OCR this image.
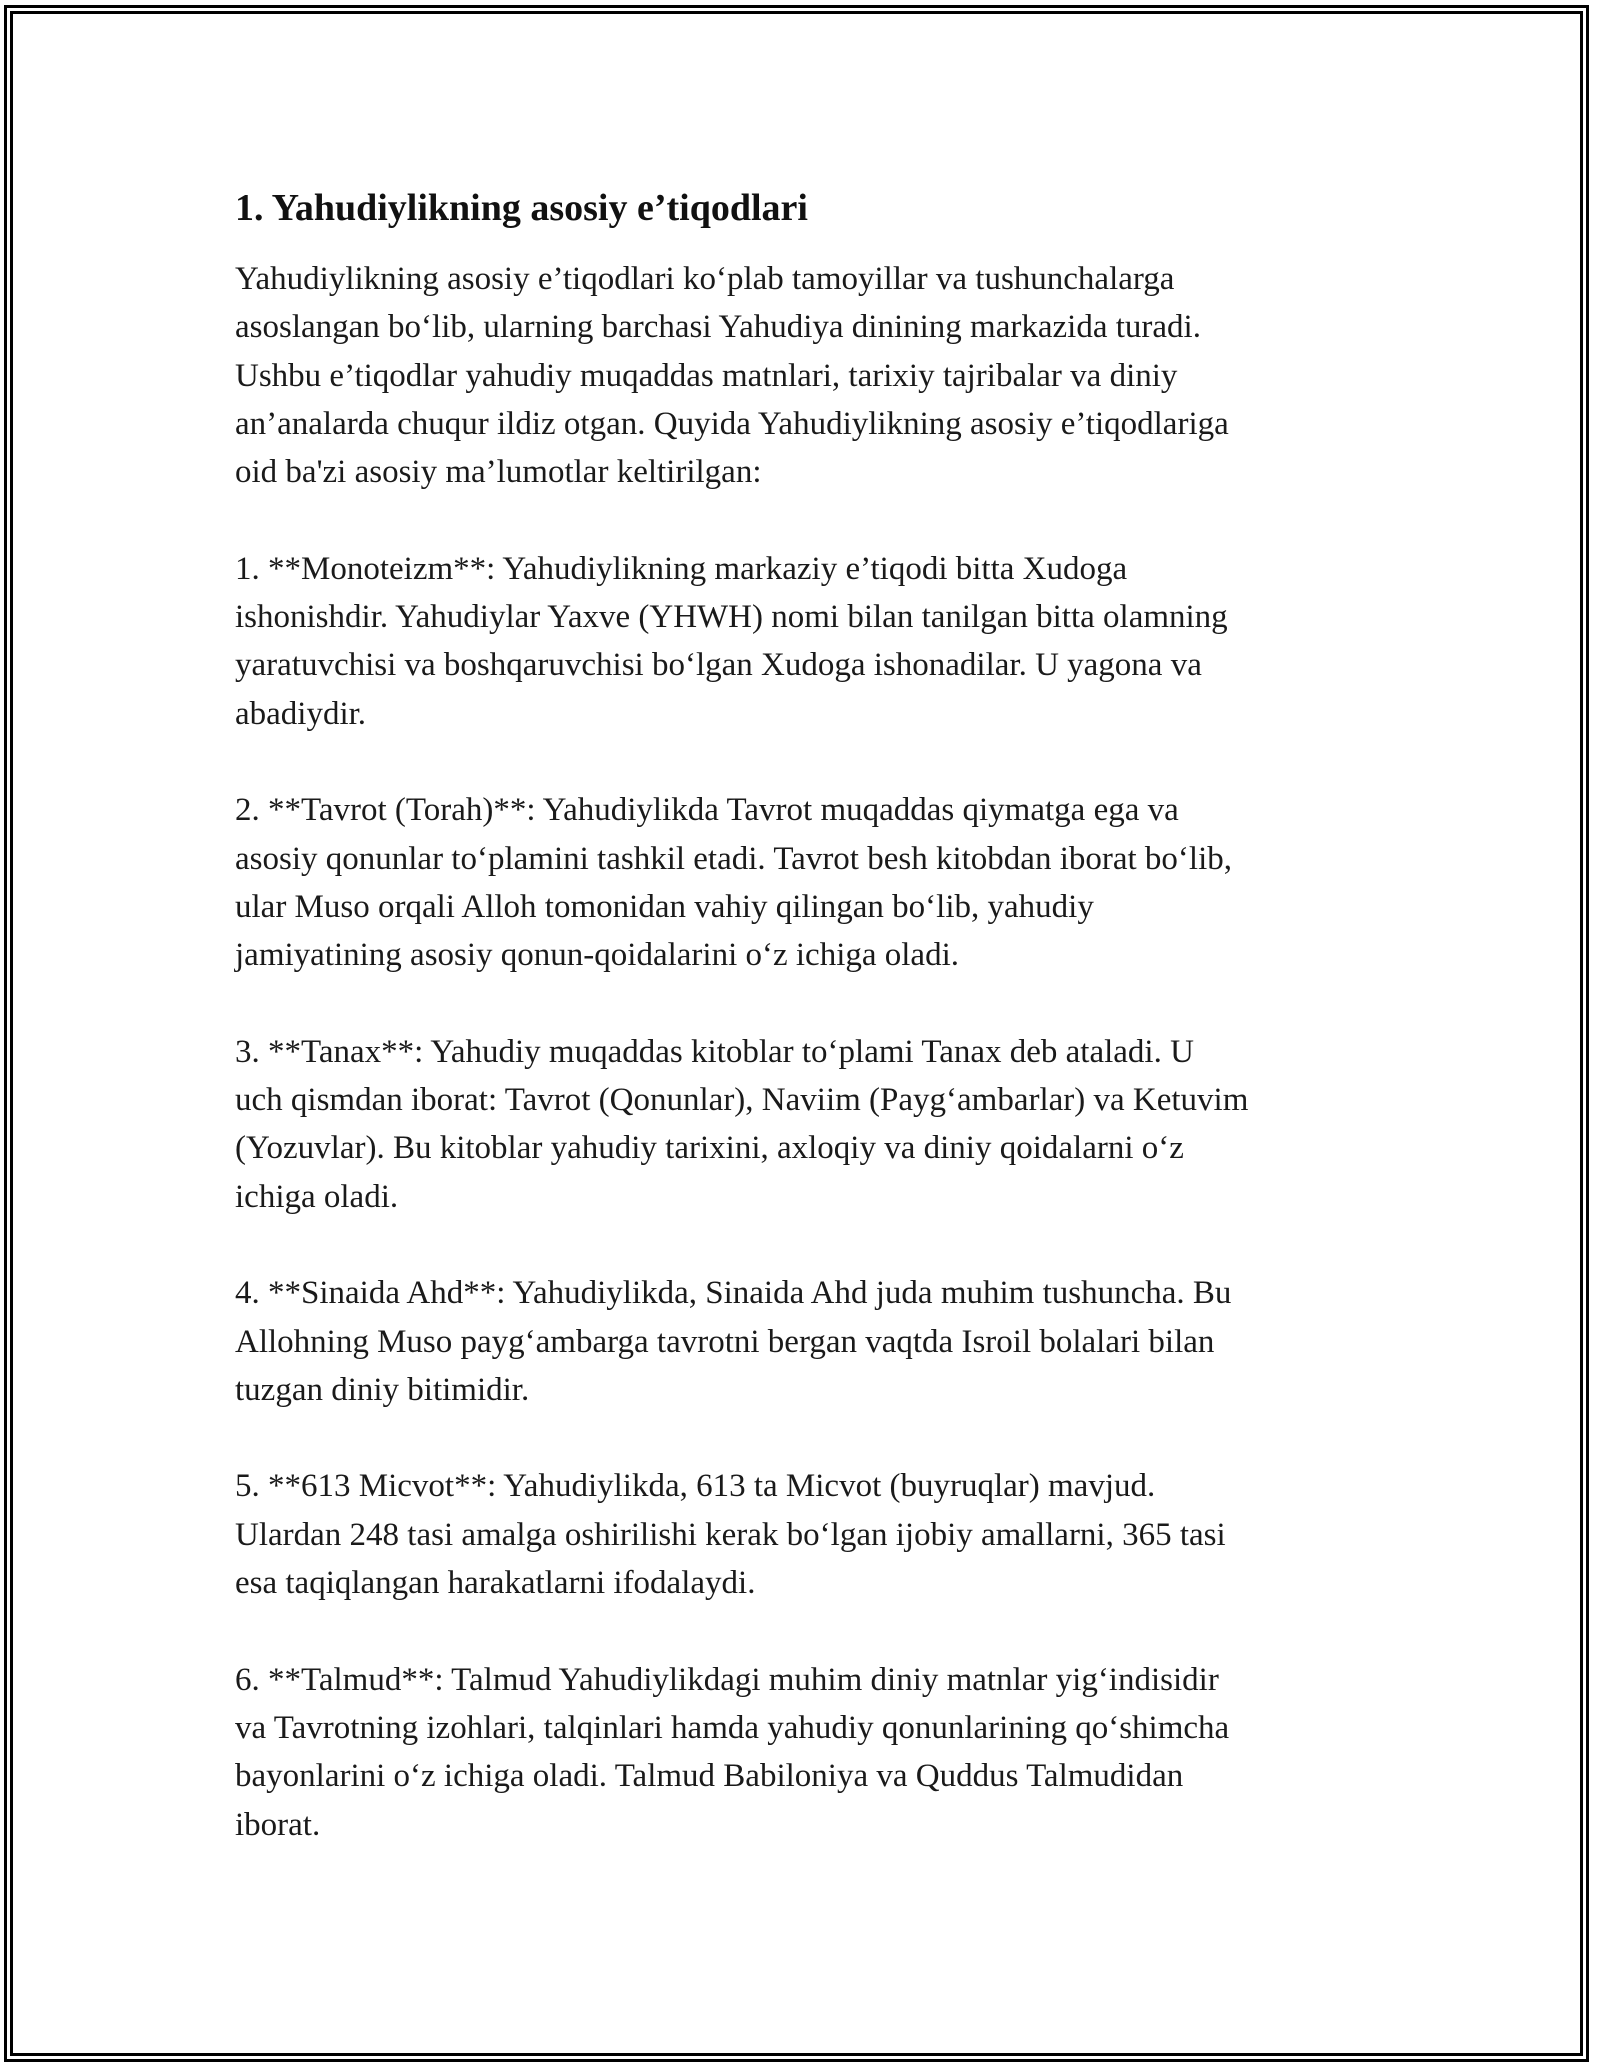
1. Yahudiylikning asosiy e’tiqodlari
Yahudiylikning asosiy e’tiqodlari ko‘plab tamoyillar va tushunchalarga
asoslangan bo‘lib, ularning barchasi Yahudiya dinining markazida turadi.
Ushbu e’tiqodlar yahudiy muqaddas matnlari, tarixiy tajribalar va diniy
an’analarda chuqur ildiz otgan. Quyida Yahudiylikning asosiy e’tiqodlariga
oid ba'zi asosiy ma’lumotlar keltirilgan:
1. **Monoteizm**: Yahudiylikning markaziy e’tiqodi bitta Xudoga
ishonishdir. Yahudiylar Yaxve (YHWH) nomi bilan tanilgan bitta olamning
yaratuvchisi va boshqaruvchisi bo‘lgan Xudoga ishonadilar. U yagona va
abadiydir.
2. **Tavrot (Torah)**: Yahudiylikda Tavrot muqaddas qiymatga ega va
asosiy qonunlar to‘plamini tashkil etadi. Tavrot besh kitobdan iborat bo‘lib,
ular Muso orqali Alloh tomonidan vahiy qilingan bo‘lib, yahudiy
jamiyatining asosiy qonun-qoidalarini o‘z ichiga oladi.
3. **Tanax**: Yahudiy muqaddas kitoblar to‘plami Tanax deb ataladi. U
uch qismdan iborat: Tavrot (Qonunlar), Naviim (Payg‘ambarlar) va Ketuvim
(Yozuvlar). Bu kitoblar yahudiy tarixini, axloqiy va diniy qoidalarni o‘z
ichiga oladi.
4. **Sinaida Ahd**: Yahudiylikda, Sinaida Ahd juda muhim tushuncha. Bu
Allohning Muso payg‘ambarga tavrotni bergan vaqtda Isroil bolalari bilan
tuzgan diniy bitimidir.
5. **613 Micvot**: Yahudiylikda, 613 ta Micvot (buyruqlar) mavjud.
Ulardan 248 tasi amalga oshirilishi kerak bo‘lgan ijobiy amallarni, 365 tasi
esa taqiqlangan harakatlarni ifodalaydi.
6. **Talmud**: Talmud Yahudiylikdagi muhim diniy matnlar yig‘indisidir
va Tavrotning izohlari, talqinlari hamda yahudiy qonunlarining qo‘shimcha
bayonlarini o‘z ichiga oladi. Talmud Babiloniya va Quddus Talmudidan
iborat.
